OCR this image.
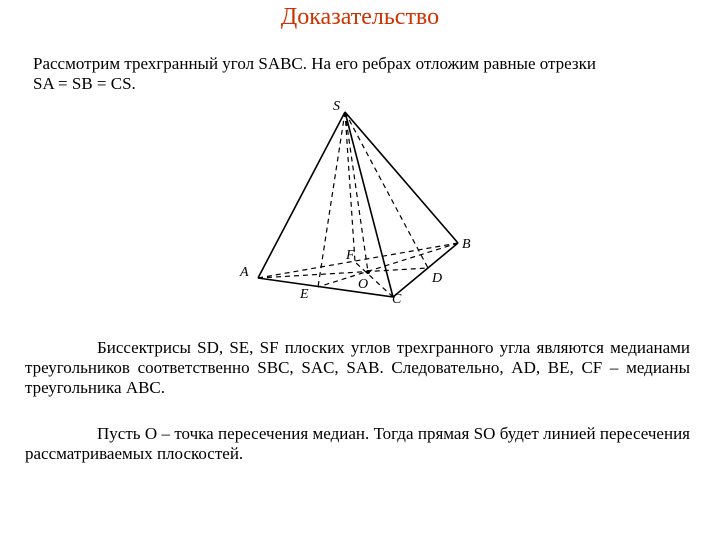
Доказательство
Рассмотрим трехгранный угол SABC. На его ребрах отложим равные отрезки
SA = SB = CS.
S
A
B
C
D
E
F
O
Биссектрисы SD, SE, SF плоских углов трехгранного угла являются медианами треугольников соответственно SBC, SAC, SAB. Следовательно, AD, BE, CF – медианы треугольника ABC.
Пусть O – точка пересечения медиан. Тогда прямая SO будет линией пересечения рассматриваемых плоскостей.
